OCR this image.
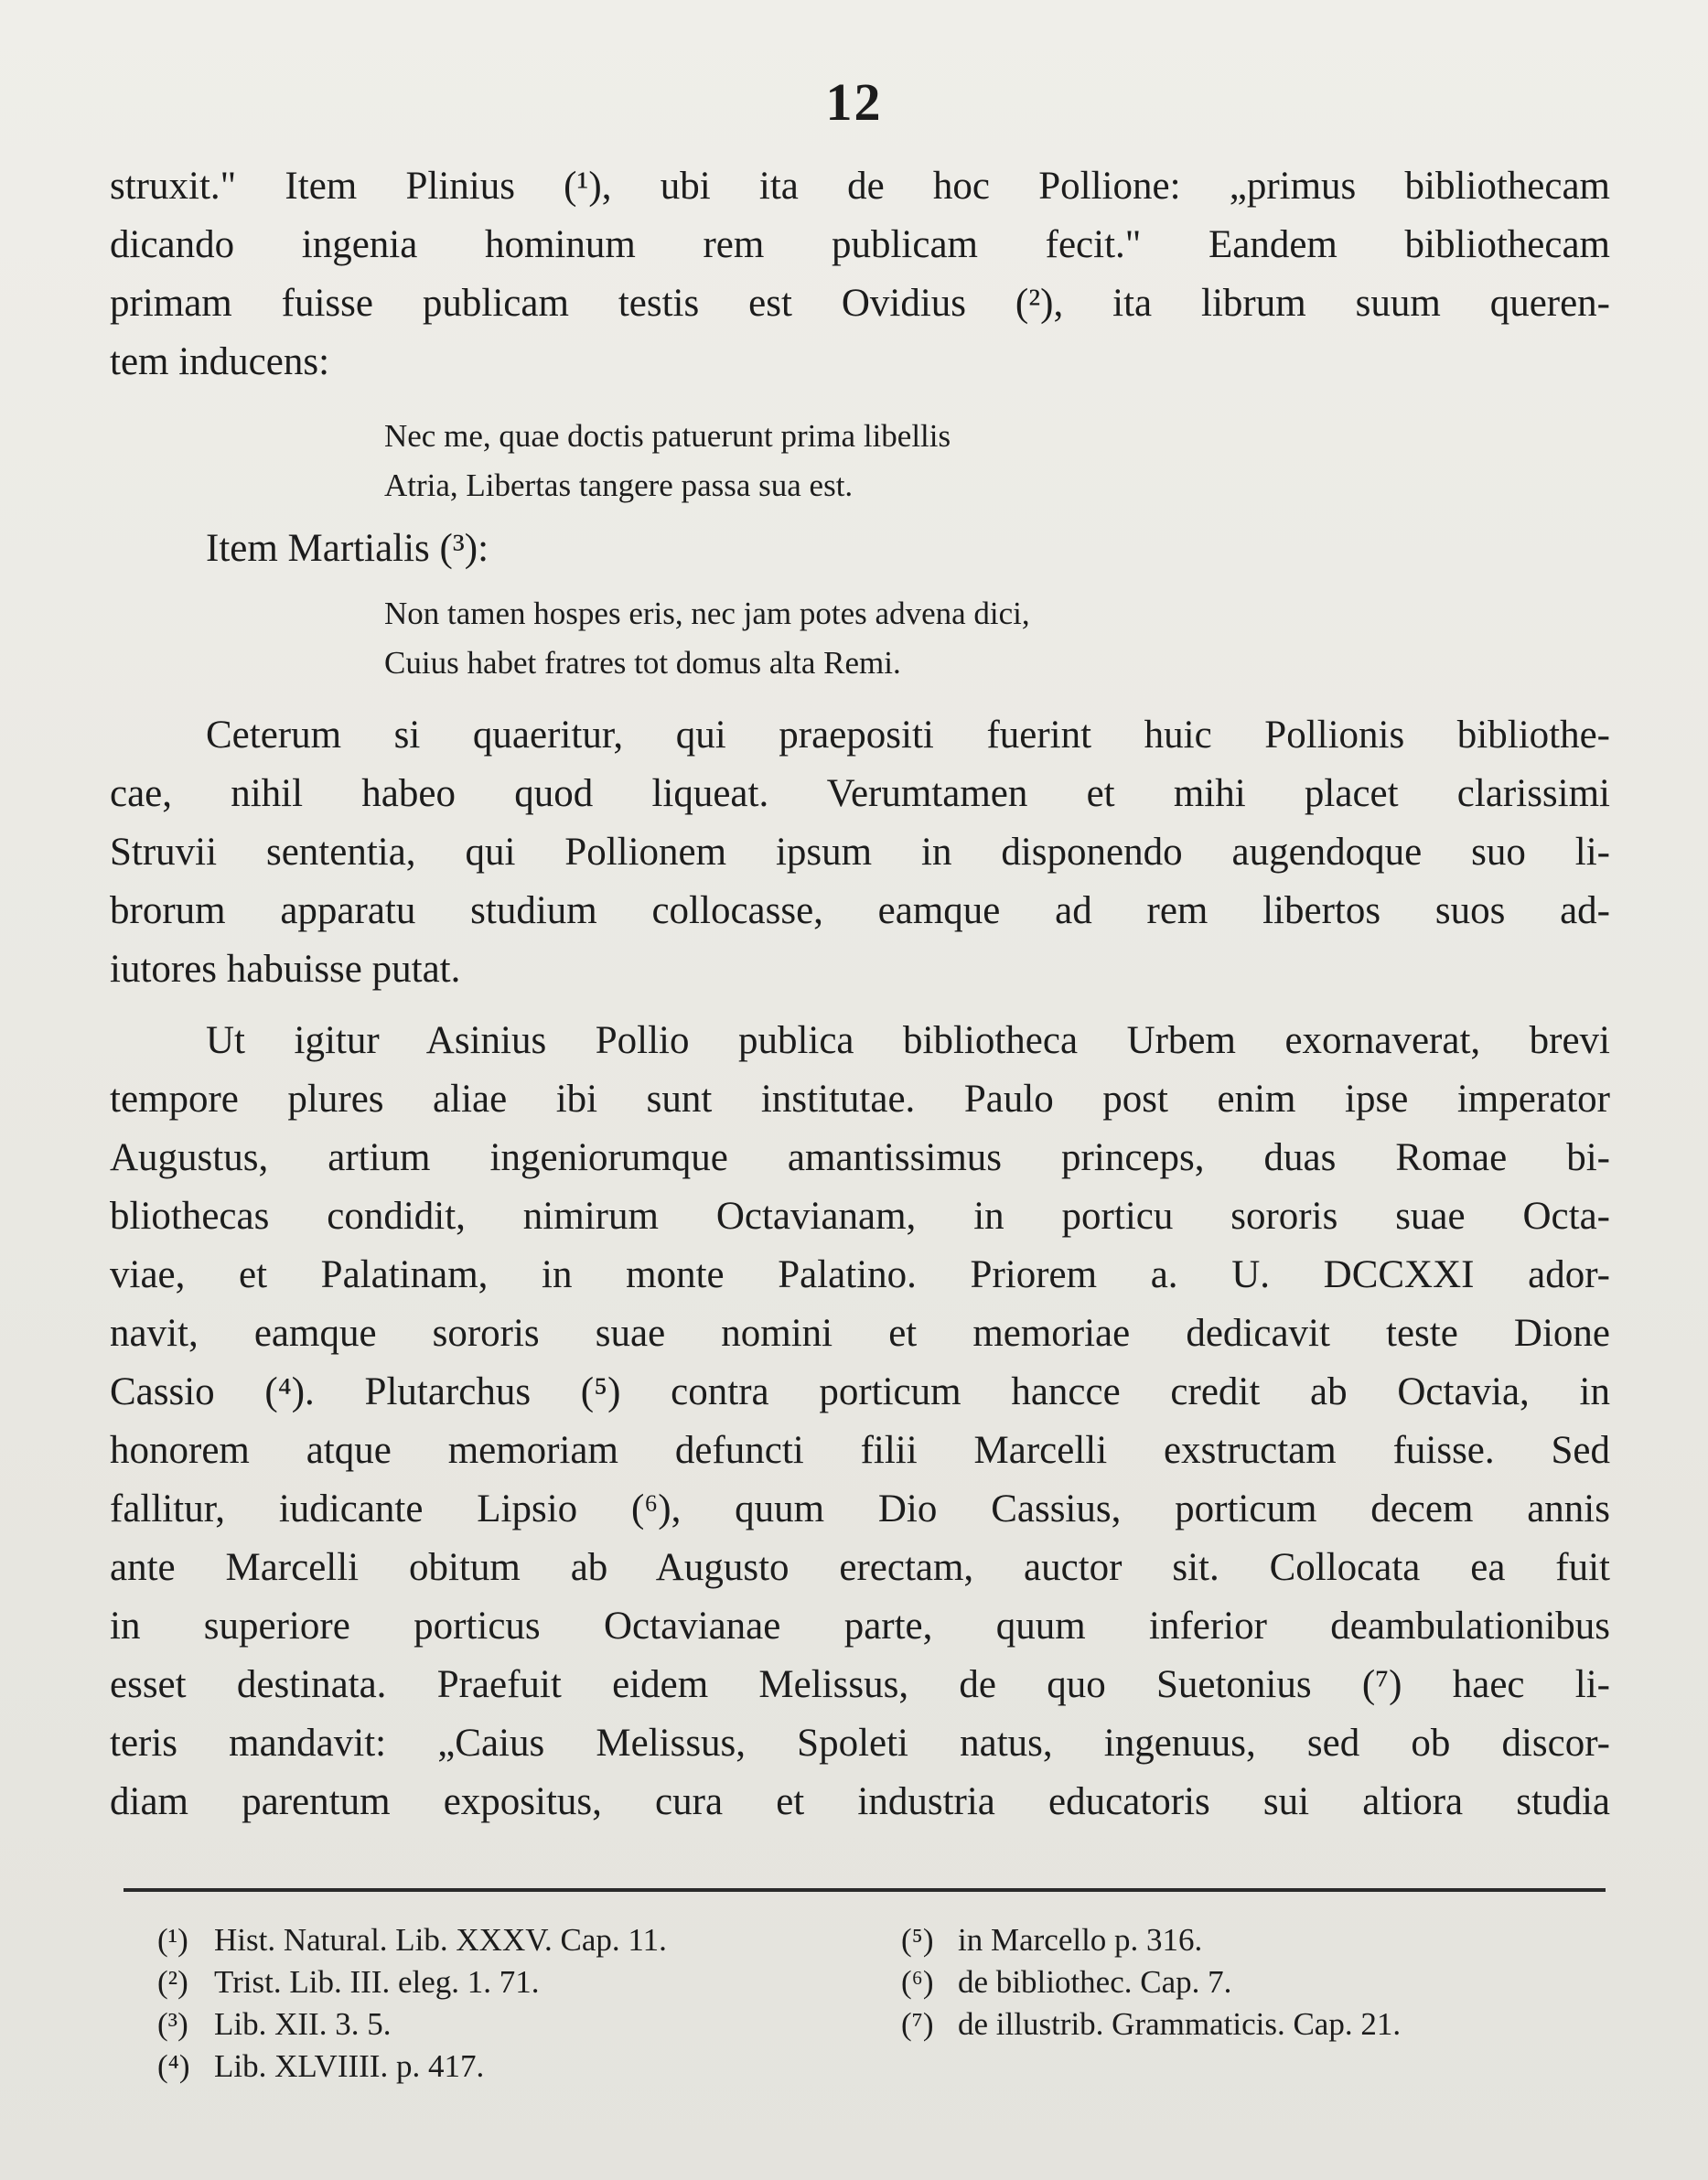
12
struxit." Item Plinius (¹), ubi ita de hoc Pollione: „primus bibliothecam
dicando ingenia hominum rem publicam fecit." Eandem bibliothecam
primam fuisse publicam testis est Ovidius (²), ita librum suum queren-
tem inducens:
Nec me, quae doctis patuerunt prima libellis
Atria, Libertas tangere passa sua est.
Item Martialis (³):
Non tamen hospes eris, nec jam potes advena dici,
Cuius habet fratres tot domus alta Remi.
Ceterum si quaeritur, qui praepositi fuerint huic Pollionis bibliothe-
cae, nihil habeo quod liqueat. Verumtamen et mihi placet clarissimi
Struvii sententia, qui Pollionem ipsum in disponendo augendoque suo li-
brorum apparatu studium collocasse, eamque ad rem libertos suos ad-
iutores habuisse putat.
Ut igitur Asinius Pollio publica bibliotheca Urbem exornaverat, brevi
tempore plures aliae ibi sunt institutae. Paulo post enim ipse imperator
Augustus, artium ingeniorumque amantissimus princeps, duas Romae bi-
bliothecas condidit, nimirum Octavianam, in porticu sororis suae Octa-
viae, et Palatinam, in monte Palatino. Priorem a. U. DCCXXI ador-
navit, eamque sororis suae nomini et memoriae dedicavit teste Dione
Cassio (⁴). Plutarchus (⁵) contra porticum hancce credit ab Octavia, in
honorem atque memoriam defuncti filii Marcelli exstructam fuisse. Sed
fallitur, iudicante Lipsio (⁶), quum Dio Cassius, porticum decem annis
ante Marcelli obitum ab Augusto erectam, auctor sit. Collocata ea fuit
in superiore porticus Octavianae parte, quum inferior deambulationibus
esset destinata. Praefuit eidem Melissus, de quo Suetonius (⁷) haec li-
teris mandavit: „Caius Melissus, Spoleti natus, ingenuus, sed ob discor-
diam parentum expositus, cura et industria educatoris sui altiora studia
(¹) Hist. Natural. Lib. XXXV. Cap. 11.
(²) Trist. Lib. III. eleg. 1. 71.
(³) Lib. XII. 3. 5.
(⁴) Lib. XLVIIII. p. 417.
(⁵) in Marcello p. 316.
(⁶) de bibliothec. Cap. 7.
(⁷) de illustrib. Grammaticis. Cap. 21.
